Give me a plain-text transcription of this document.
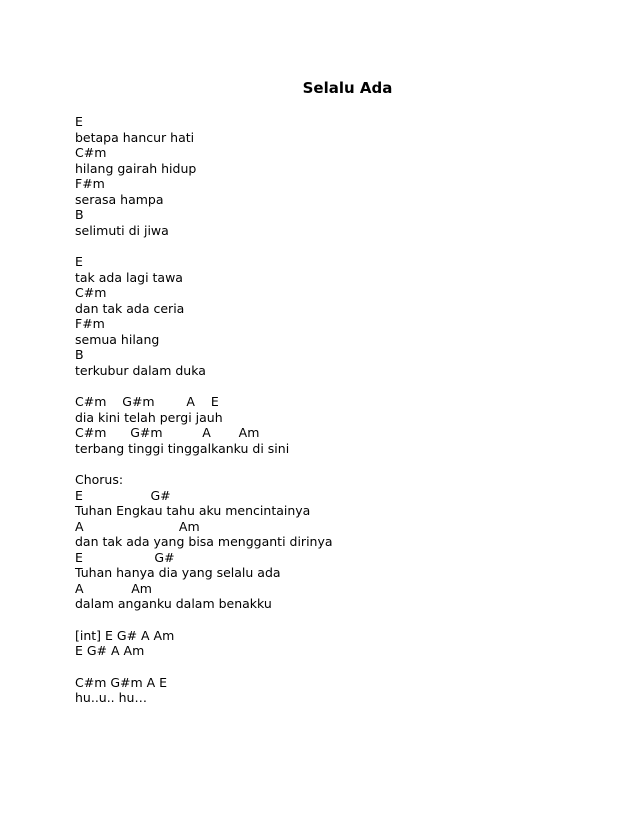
Selalu Ada
E
betapa hancur hati
C#m
hilang gairah hidup
F#m
serasa hampa
B
selimuti di jiwa
E
tak ada lagi tawa
C#m
dan tak ada ceria
F#m
semua hilang
B
terkubur dalam duka
C#m    G#m        A    E
dia kini telah pergi jauh
C#m      G#m          A       Am
terbang tinggi tinggalkanku di sini
Chorus:
E                 G#
Tuhan Engkau tahu aku mencintainya
A                        Am
dan tak ada yang bisa mengganti dirinya
E                  G#
Tuhan hanya dia yang selalu ada
A            Am
dalam anganku dalam benakku
[int] E G# A Am
E G# A Am
C#m G#m A E
hu..u.. hu…
